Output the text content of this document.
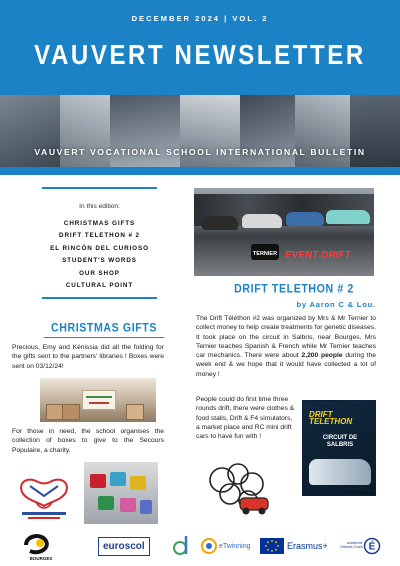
DECEMBER 2024 | VOL. 2
VAUVERT NEWSLETTER
VAUVERT VOCATIONAL SCHOOL INTERNATIONAL BULLETIN
In this edition:
CHRISTMAS GIFTS
DRIFT TELETHON # 2
EL RINCÓN DEL CURIOSO
STUDENT'S WORDS
OUR SHOP
CULTURAL POINT
CHRISTMAS GIFTS

Precious, Emy and Kénissia did all the folding for the gifts sent to the partners' libraries ! Boxes were sent on 03/12/24!

For those in need, the school organises the collection of boxes to give to the Secours Populaire, a charity.

TERNIER EVENT DRIFT
DRIFT TELETHON # 2
by Aaron C & Lou.
The Drift Téléthon #2 was organized by Mrs & Mr Ternier to collect money to help create treatments for genetic diseases. It took place on the circuit in Salbris, near Bourges. Mrs Ternier teaches Spanish & French while Mr Ternier teaches car mechanics. There were about 2,200 people during the week end & we hope that it would have collected a lot of money !

People could do first time three rounds drift, there were clothes & food stalls, Drift & F4 simulators, a market place and RC mini drift cars to have fun with !

DRIFT TELETHON
CIRCUIT DE
SALBRIS
BOURGES
euroscol	eTwinning	Erasmus+	académie
Orléans-Tours É
